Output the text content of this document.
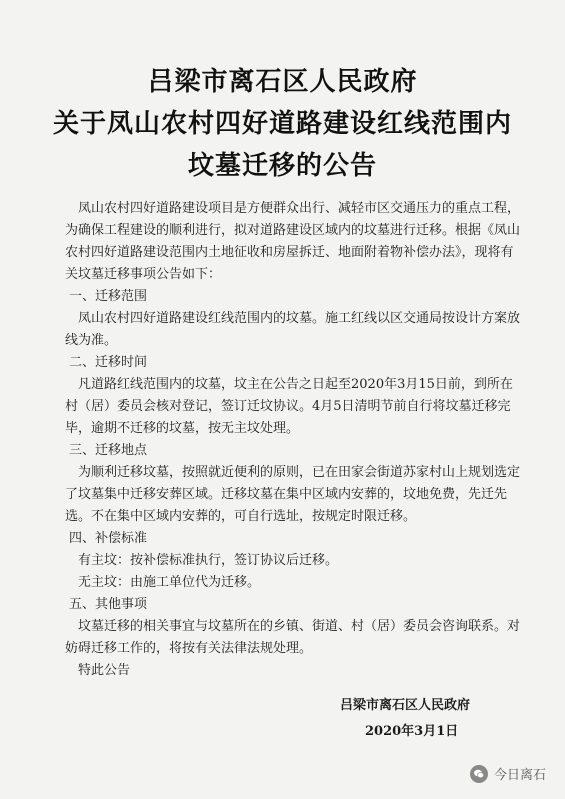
吕梁市离石区人民政府
关于凤山农村四好道路建设红线范围内
坟墓迁移的公告

凤山农村四好道路建设项目是方便群众出行、减轻市区交通压力的重点工程，为确保工程建设的顺利进行，拟对道路建设区域内的坟墓进行迁移。根据《凤山农村四好道路建设范围内土地征收和房屋拆迁、地面附着物补偿办法》，现将有关坟墓迁移事项公告如下：

一、迁移范围

凤山农村四好道路建设红线范围内的坟墓。施工红线以区交通局按设计方案放线为准。

二、迁移时间

凡道路红线范围内的坟墓，坟主在公告之日起至2020年3月15日前，到所在村（居）委员会核对登记，签订迁坟协议。4月5日清明节前自行将坟墓迁移完毕，逾期不迁移的坟墓，按无主坟处理。

三、迁移地点

为顺利迁移坟墓，按照就近便利的原则，已在田家会街道苏家村山上规划选定了坟墓集中迁移安葬区域。迁移坟墓在集中区域内安葬的，坟地免费，先迁先选。不在集中区域内安葬的，可自行选址，按规定时限迁移。

四、补偿标准

有主坟：按补偿标准执行，签订协议后迁移。

无主坟：由施工单位代为迁移。

五、其他事项

坟墓迁移的相关事宜与坟墓所在的乡镇、街道、村（居）委员会咨询联系。对妨碍迁移工作的，将按有关法律法规处理。

特此公告

吕梁市离石区人民政府
2020年3月1日
今日离石
